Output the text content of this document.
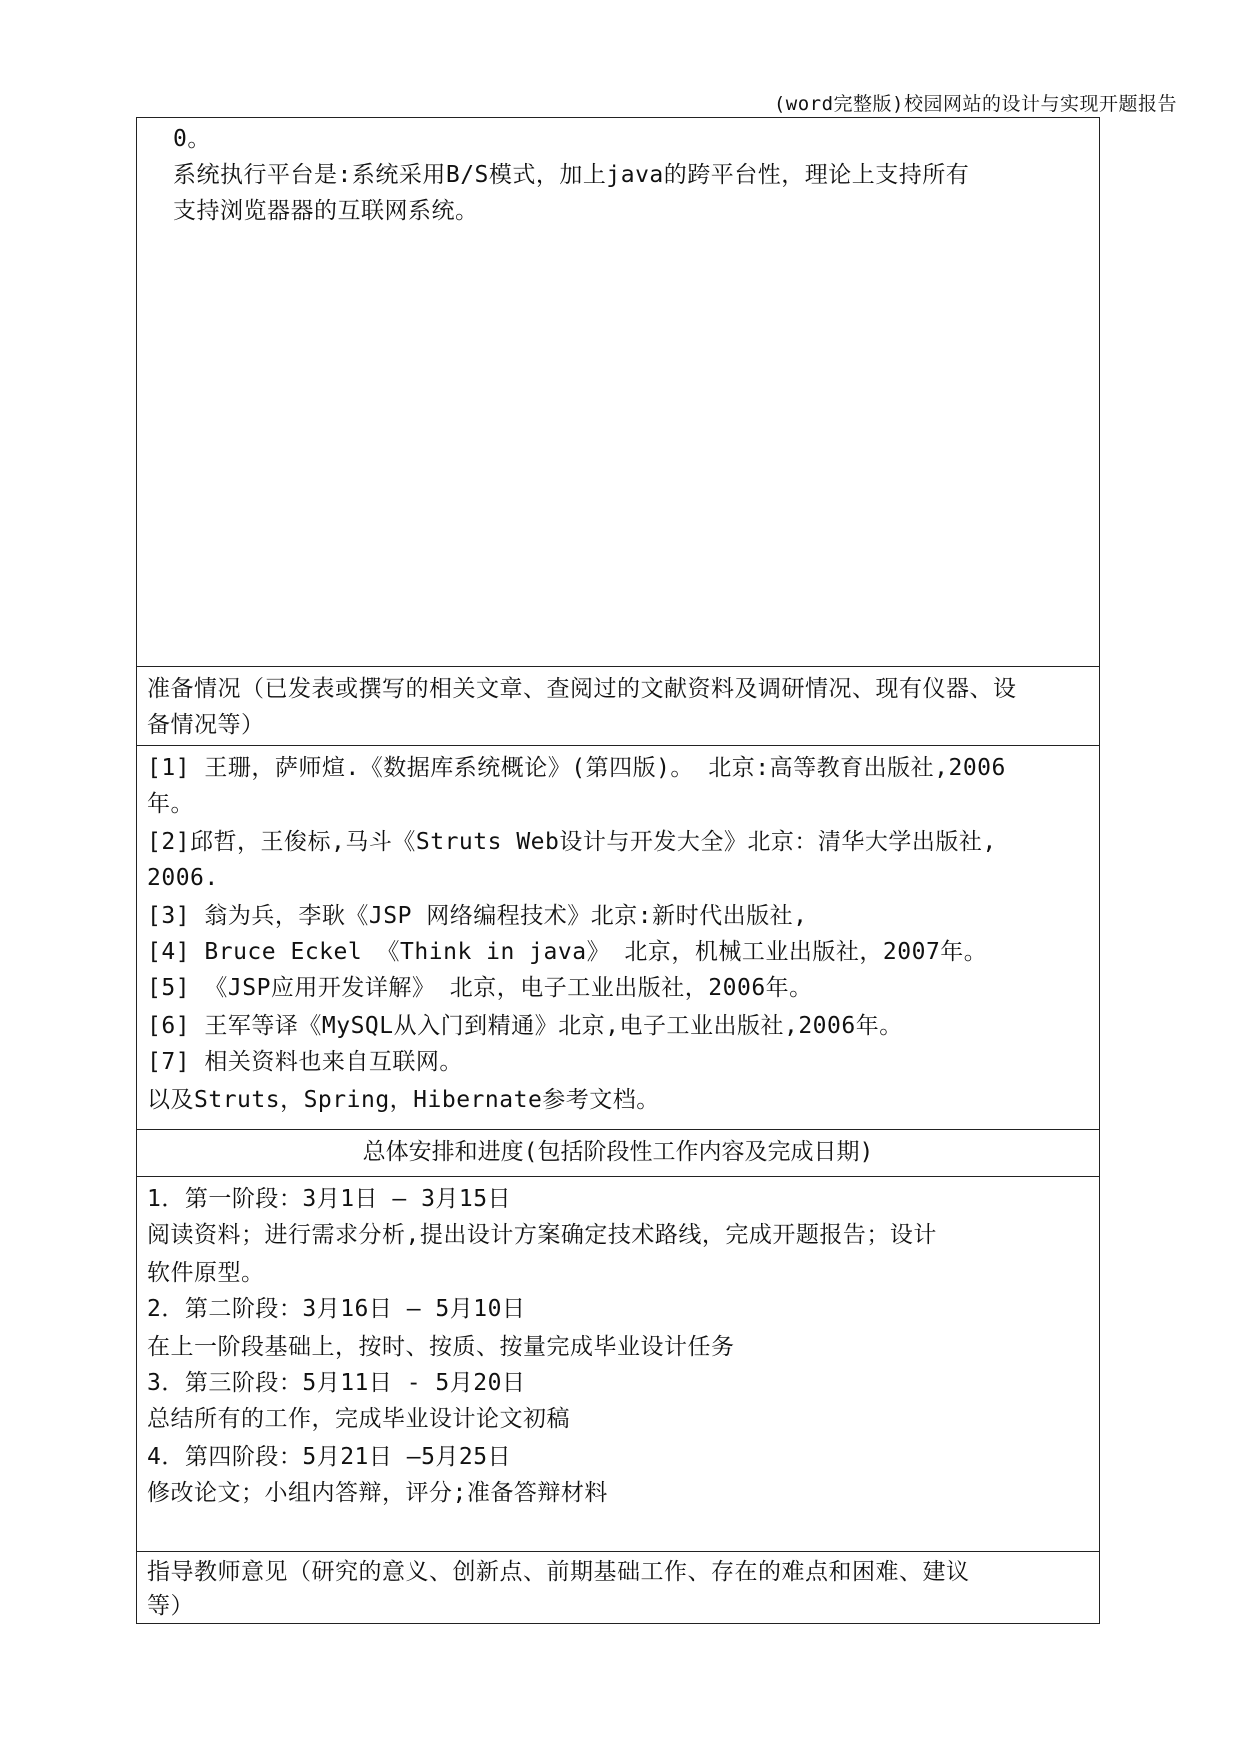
(word完整版)校园网站的设计与实现开题报告
0。
系统执行平台是:系统采用B/S模式，加上java的跨平台性，理论上支持所有
支持浏览器器的互联网系统。
准备情况（已发表或撰写的相关文章、查阅过的文献资料及调研情况、现有仪器、设
备情况等）
[1] 王珊，萨师煊.《数据库系统概论》(第四版)。 北京:高等教育出版社,2006
年。
[2]邱哲，王俊标,马斗《Struts Web设计与开发大全》北京：清华大学出版社,
2006.
[3] 翁为兵，李耿《JSP 网络编程技术》北京:新时代出版社,
[4] Bruce Eckel 《Think in java》 北京，机械工业出版社，2007年。
[5] 《JSP应用开发详解》 北京，电子工业出版社，2006年。
[6] 王军等译《MySQL从入门到精通》北京,电子工业出版社,2006年。
[7] 相关资料也来自互联网。
以及Struts，Spring，Hibernate参考文档。
总体安排和进度(包括阶段性工作内容及完成日期)
1．第一阶段：3月1日 — 3月15日
阅读资料；进行需求分析,提出设计方案确定技术路线，完成开题报告；设计
软件原型。
2．第二阶段：3月16日 — 5月10日
在上一阶段基础上，按时、按质、按量完成毕业设计任务
3．第三阶段：5月11日 - 5月20日
总结所有的工作，完成毕业设计论文初稿
4．第四阶段：5月21日 —5月25日
修改论文；小组内答辩，评分;准备答辩材料
指导教师意见（研究的意义、创新点、前期基础工作、存在的难点和困难、建议
等）
